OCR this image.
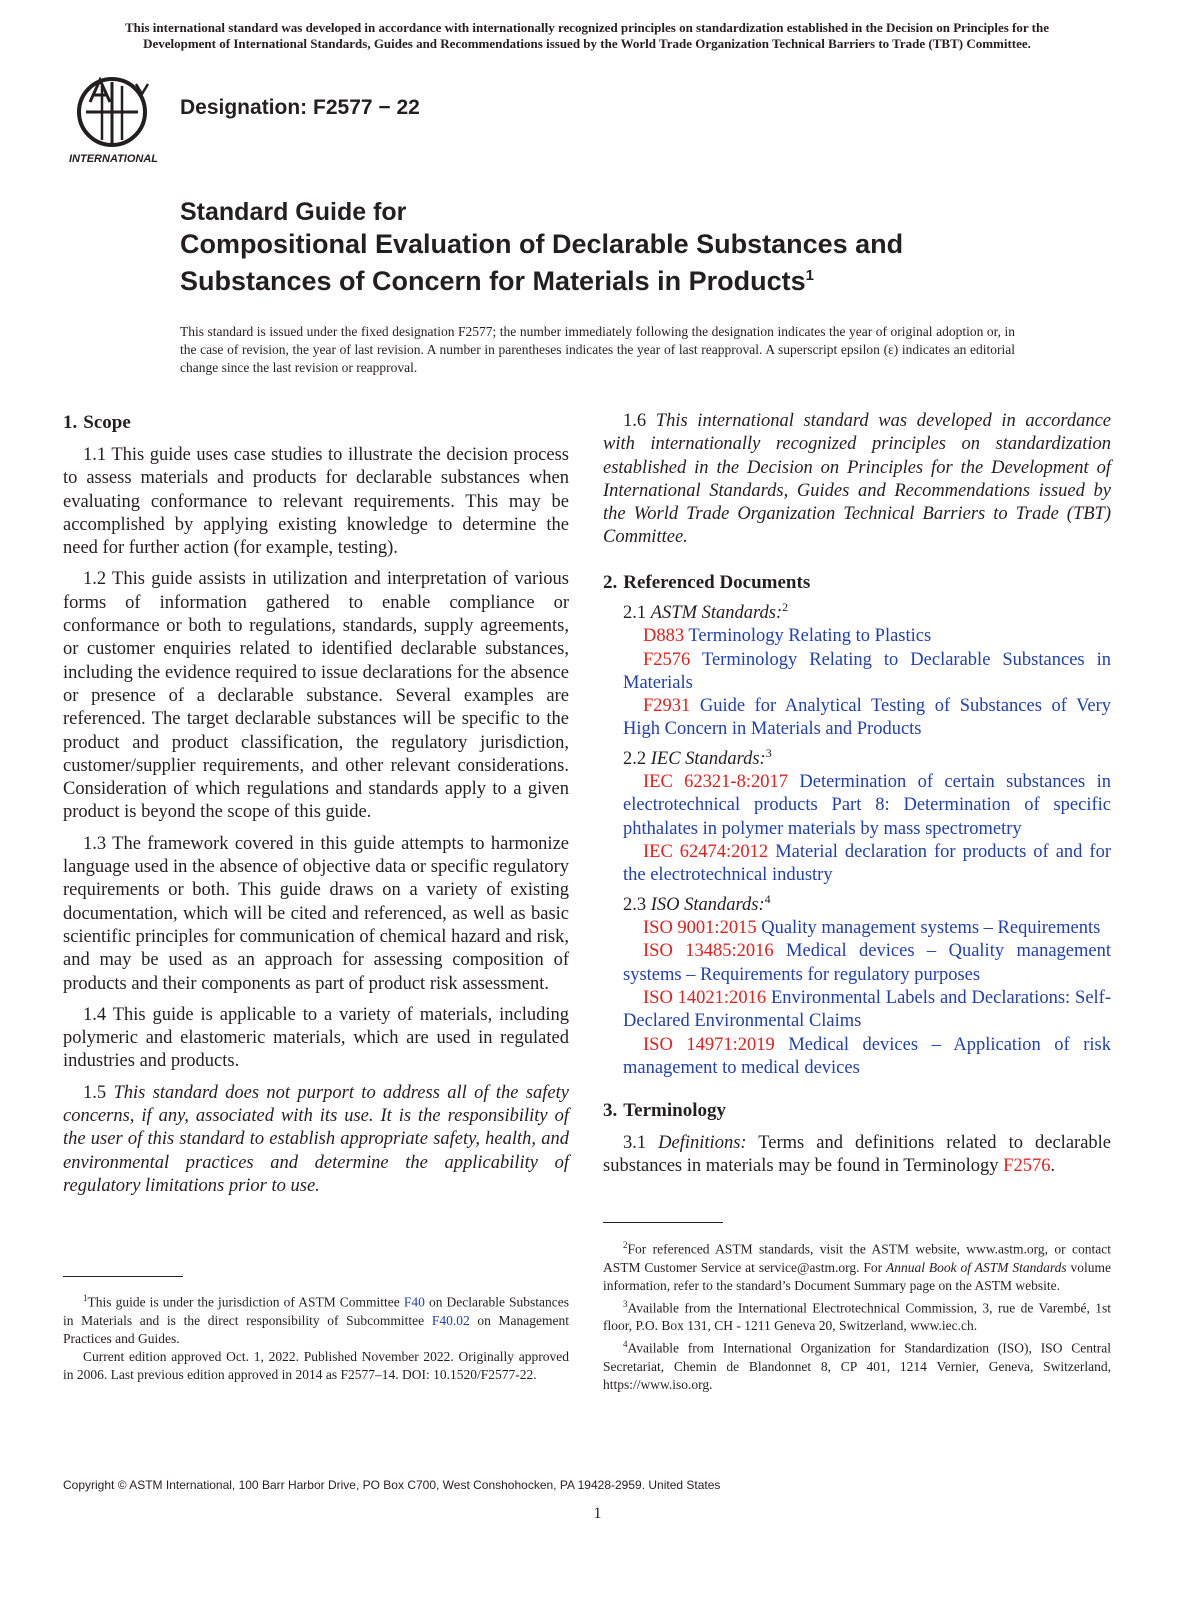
This international standard was developed in accordance with internationally recognized principles on standardization established in the Decision on Principles for the
Development of International Standards, Guides and Recommendations issued by the World Trade Organization Technical Barriers to Trade (TBT) Committee.
INTERNATIONAL
Designation: F2577 − 22
Standard Guide for
Compositional Evaluation of Declarable Substances and
Substances of Concern for Materials in Products$^1$
This standard is issued under the fixed designation F2577; the number immediately following the designation indicates the year of original adoption or, in the case of revision, the year of last revision. A number in parentheses indicates the year of last reapproval. A superscript epsilon (ε) indicates an editorial change since the last revision or reapproval.
1. Scope

1.1 This guide uses case studies to illustrate the decision process to assess materials and products for declarable substances when evaluating conformance to relevant requirements. This may be accomplished by applying existing knowledge to determine the need for further action (for example, testing).

1.2 This guide assists in utilization and interpretation of various forms of information gathered to enable compliance or conformance or both to regulations, standards, supply agreements, or customer enquiries related to identified declarable substances, including the evidence required to issue declarations for the absence or presence of a declarable substance. Several examples are referenced. The target declarable substances will be specific to the product and product classification, the regulatory jurisdiction, customer/supplier requirements, and other relevant considerations. Consideration of which regulations and standards apply to a given product is beyond the scope of this guide.

1.3 The framework covered in this guide attempts to harmonize language used in the absence of objective data or specific regulatory requirements or both. This guide draws on a variety of existing documentation, which will be cited and referenced, as well as basic scientific principles for communication of chemical hazard and risk, and may be used as an approach for assessing composition of products and their components as part of product risk assessment.

1.4 This guide is applicable to a variety of materials, including polymeric and elastomeric materials, which are used in regulated industries and products.

1.5 This standard does not purport to address all of the safety concerns, if any, associated with its use. It is the responsibility of the user of this standard to establish appropriate safety, health, and environmental practices and determine the applicability of regulatory limitations prior to use.

1.6 This international standard was developed in accordance with internationally recognized principles on standardization established in the Decision on Principles for the Development of International Standards, Guides and Recommendations issued by the World Trade Organization Technical Barriers to Trade (TBT) Committee.

2. Referenced Documents

2.1 ASTM Standards:$^2$

D883 Terminology Relating to Plastics

F2576 Terminology Relating to Declarable Substances in Materials

F2931 Guide for Analytical Testing of Substances of Very High Concern in Materials and Products

2.2 IEC Standards:$^3$

IEC 62321-8:2017 Determination of certain substances in electrotechnical products Part 8: Determination of specific phthalates in polymer materials by mass spectrometry

IEC 62474:2012 Material declaration for products of and for the electrotechnical industry

2.3 ISO Standards:$^4$

ISO 9001:2015 Quality management systems – Requirements

ISO 13485:2016 Medical devices – Quality management systems – Requirements for regulatory purposes

ISO 14021:2016 Environmental Labels and Declarations: Self-Declared Environmental Claims

ISO 14971:2019 Medical devices – Application of risk management to medical devices

3. Terminology

3.1 Definitions: Terms and definitions related to declarable substances in materials may be found in Terminology F2576.

$^1$This guide is under the jurisdiction of ASTM Committee F40 on Declarable Substances in Materials and is the direct responsibility of Subcommittee F40.02 on Management Practices and Guides.

Current edition approved Oct. 1, 2022. Published November 2022. Originally approved in 2006. Last previous edition approved in 2014 as F2577–14. DOI: 10.1520/F2577-22.

$^2$For referenced ASTM standards, visit the ASTM website, www.astm.org, or contact ASTM Customer Service at service@astm.org. For Annual Book of ASTM Standards volume information, refer to the standard’s Document Summary page on the ASTM website.

$^3$Available from the International Electrotechnical Commission, 3, rue de Varembé, 1st floor, P.O. Box 131, CH - 1211 Geneva 20, Switzerland, www.iec.ch.

$^4$Available from International Organization for Standardization (ISO), ISO Central Secretariat, Chemin de Blandonnet 8, CP 401, 1214 Vernier, Geneva, Switzerland, https://www.iso.org.

Copyright © ASTM International, 100 Barr Harbor Drive, PO Box C700, West Conshohocken, PA 19428-2959. United States
1
